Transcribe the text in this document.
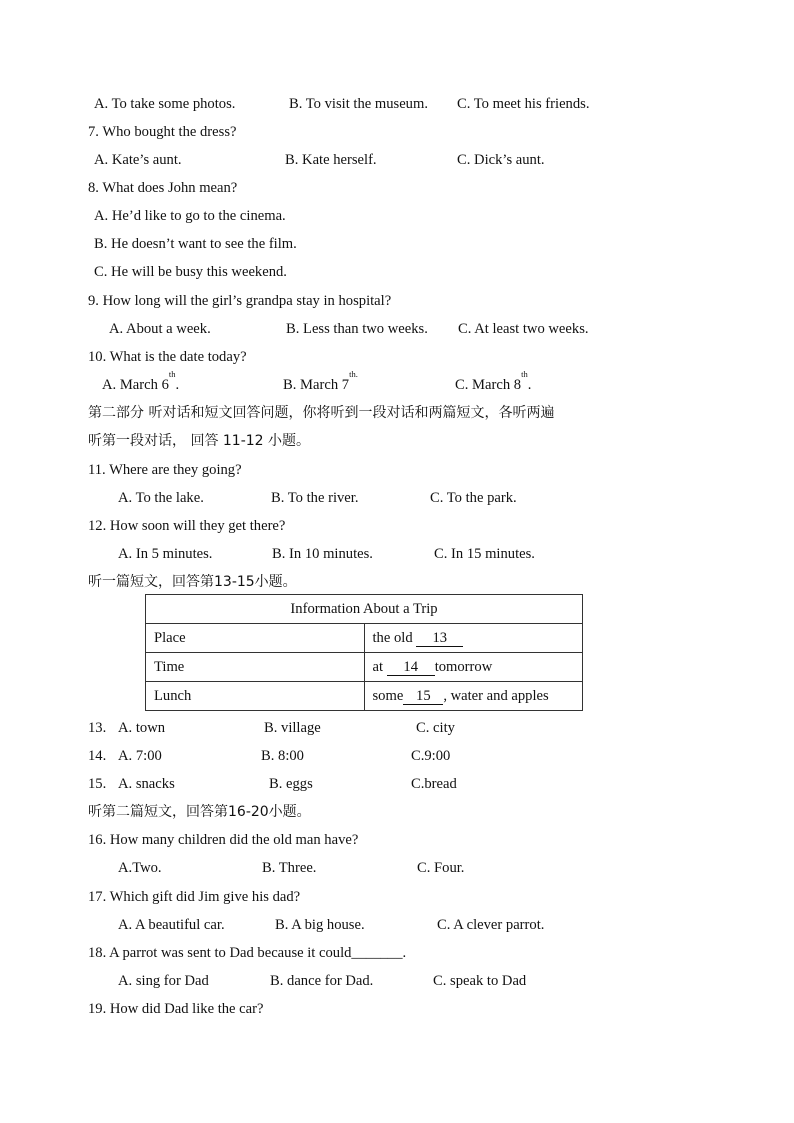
A. To take some photos.	B. To visit the museum. C. To meet his friends.
7. Who bought the dress?
A. Kate’s aunt.	B. Kate herself.	C. Dick’s aunt.
8. What does John mean?
A. He’d like to go to the cinema.
B. He doesn’t want to see the film.
C. He will be busy this weekend.
9. How long will the girl’s grandpa stay in hospital?
A. About a week.	B. Less than two weeks. C. At least two weeks.
10. What is the date today?
A. March 6th.	B. March $7^{th.}$
C. March 8th.
第二部分 听对话和短文回答问题，你将听到一段对话和两篇短文，各听两遍
听第一段对话， 回答 11-12 小题。
11. Where are they going?
A. To the lake.	B. To the river.	C. To the park.
12. How soon will they get there?
A. In 5 minutes.	B. In 10 minutes.	C. In 15 minutes.
听一篇短文，回答第13-15小题。
Information About a Trip	
Place	the old 13
Time	at 14 tomorrow
Lunch	some 15 , water and apples
13. A. town	B. village	C. city
14. A. 7:00	B. 8:00	C.9:00
15. A. snacks	B. eggs	C.bread
听第二篇短文，回答第16-20小题。
16. How many children did the old man have?
A.Two.	B. Three.	C. Four.
17. Which gift did Jim give his dad?
A. A beautiful car.	B. A big house.	C. A clever parrot.
18. A parrot was sent to Dad because it could_______.
A. sing for Dad	B. dance for Dad.	C. speak to Dad
19. How did Dad like the car?
